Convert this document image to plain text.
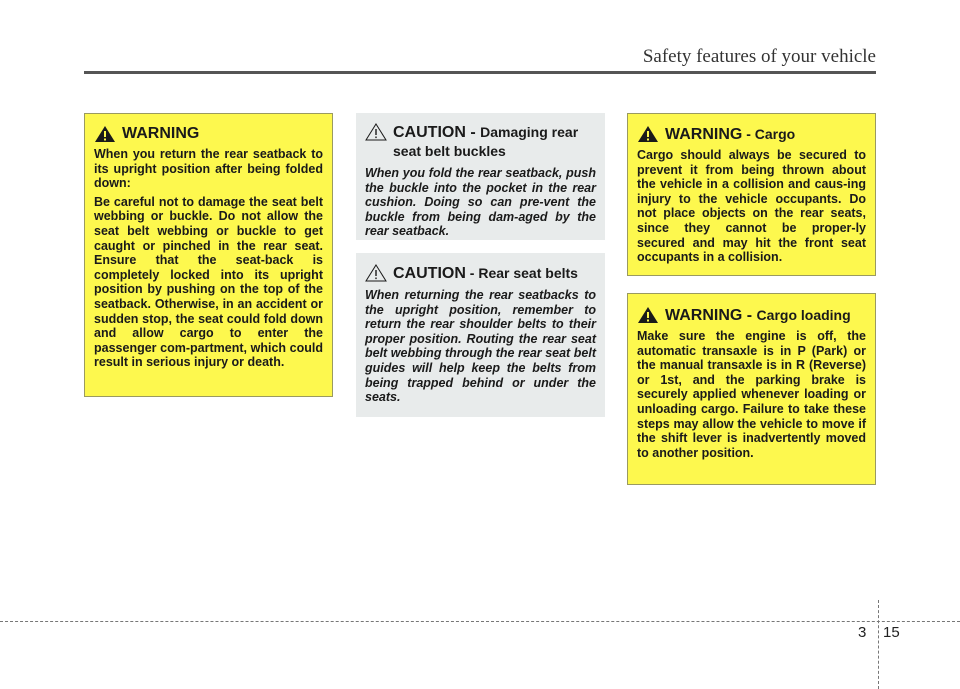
Safety features of your vehicle
WARNING

When you return the rear seatback to its upright position after being folded down:

Be careful not to damage the seat belt webbing or buckle. Do not allow the seat belt webbing or buckle to get caught or pinched in the rear seat. Ensure that the seat-back is completely locked into its upright position by pushing on the top of the seatback. Otherwise, in an accident or sudden stop, the seat could fold down and allow cargo to enter the passenger com-partment, which could result in serious injury or death.

CAUTION - Damaging rear seat belt buckles

When you fold the rear seatback, push the buckle into the pocket in the rear cushion. Doing so can pre-vent the buckle from being dam-aged by the rear seatback.

CAUTION - Rear seat belts

When returning the rear seatbacks to the upright position, remember to return the rear shoulder belts to their proper position. Routing the rear seat belt webbing through the rear seat belt guides will help keep the belts from being trapped behind or under the seats.

WARNING - Cargo

Cargo should always be secured to prevent it from being thrown about the vehicle in a collision and caus-ing injury to the vehicle occupants. Do not place objects on the rear seats, since they cannot be proper-ly secured and may hit the front seat occupants in a collision.

WARNING - Cargo loading

Make sure the engine is off, the automatic transaxle is in P (Park) or the manual transaxle is in R (Reverse) or 1st, and the parking brake is securely applied whenever loading or unloading cargo. Failure to take these steps may allow the vehicle to move if the shift lever is inadvertently moved to another position.

3 15
